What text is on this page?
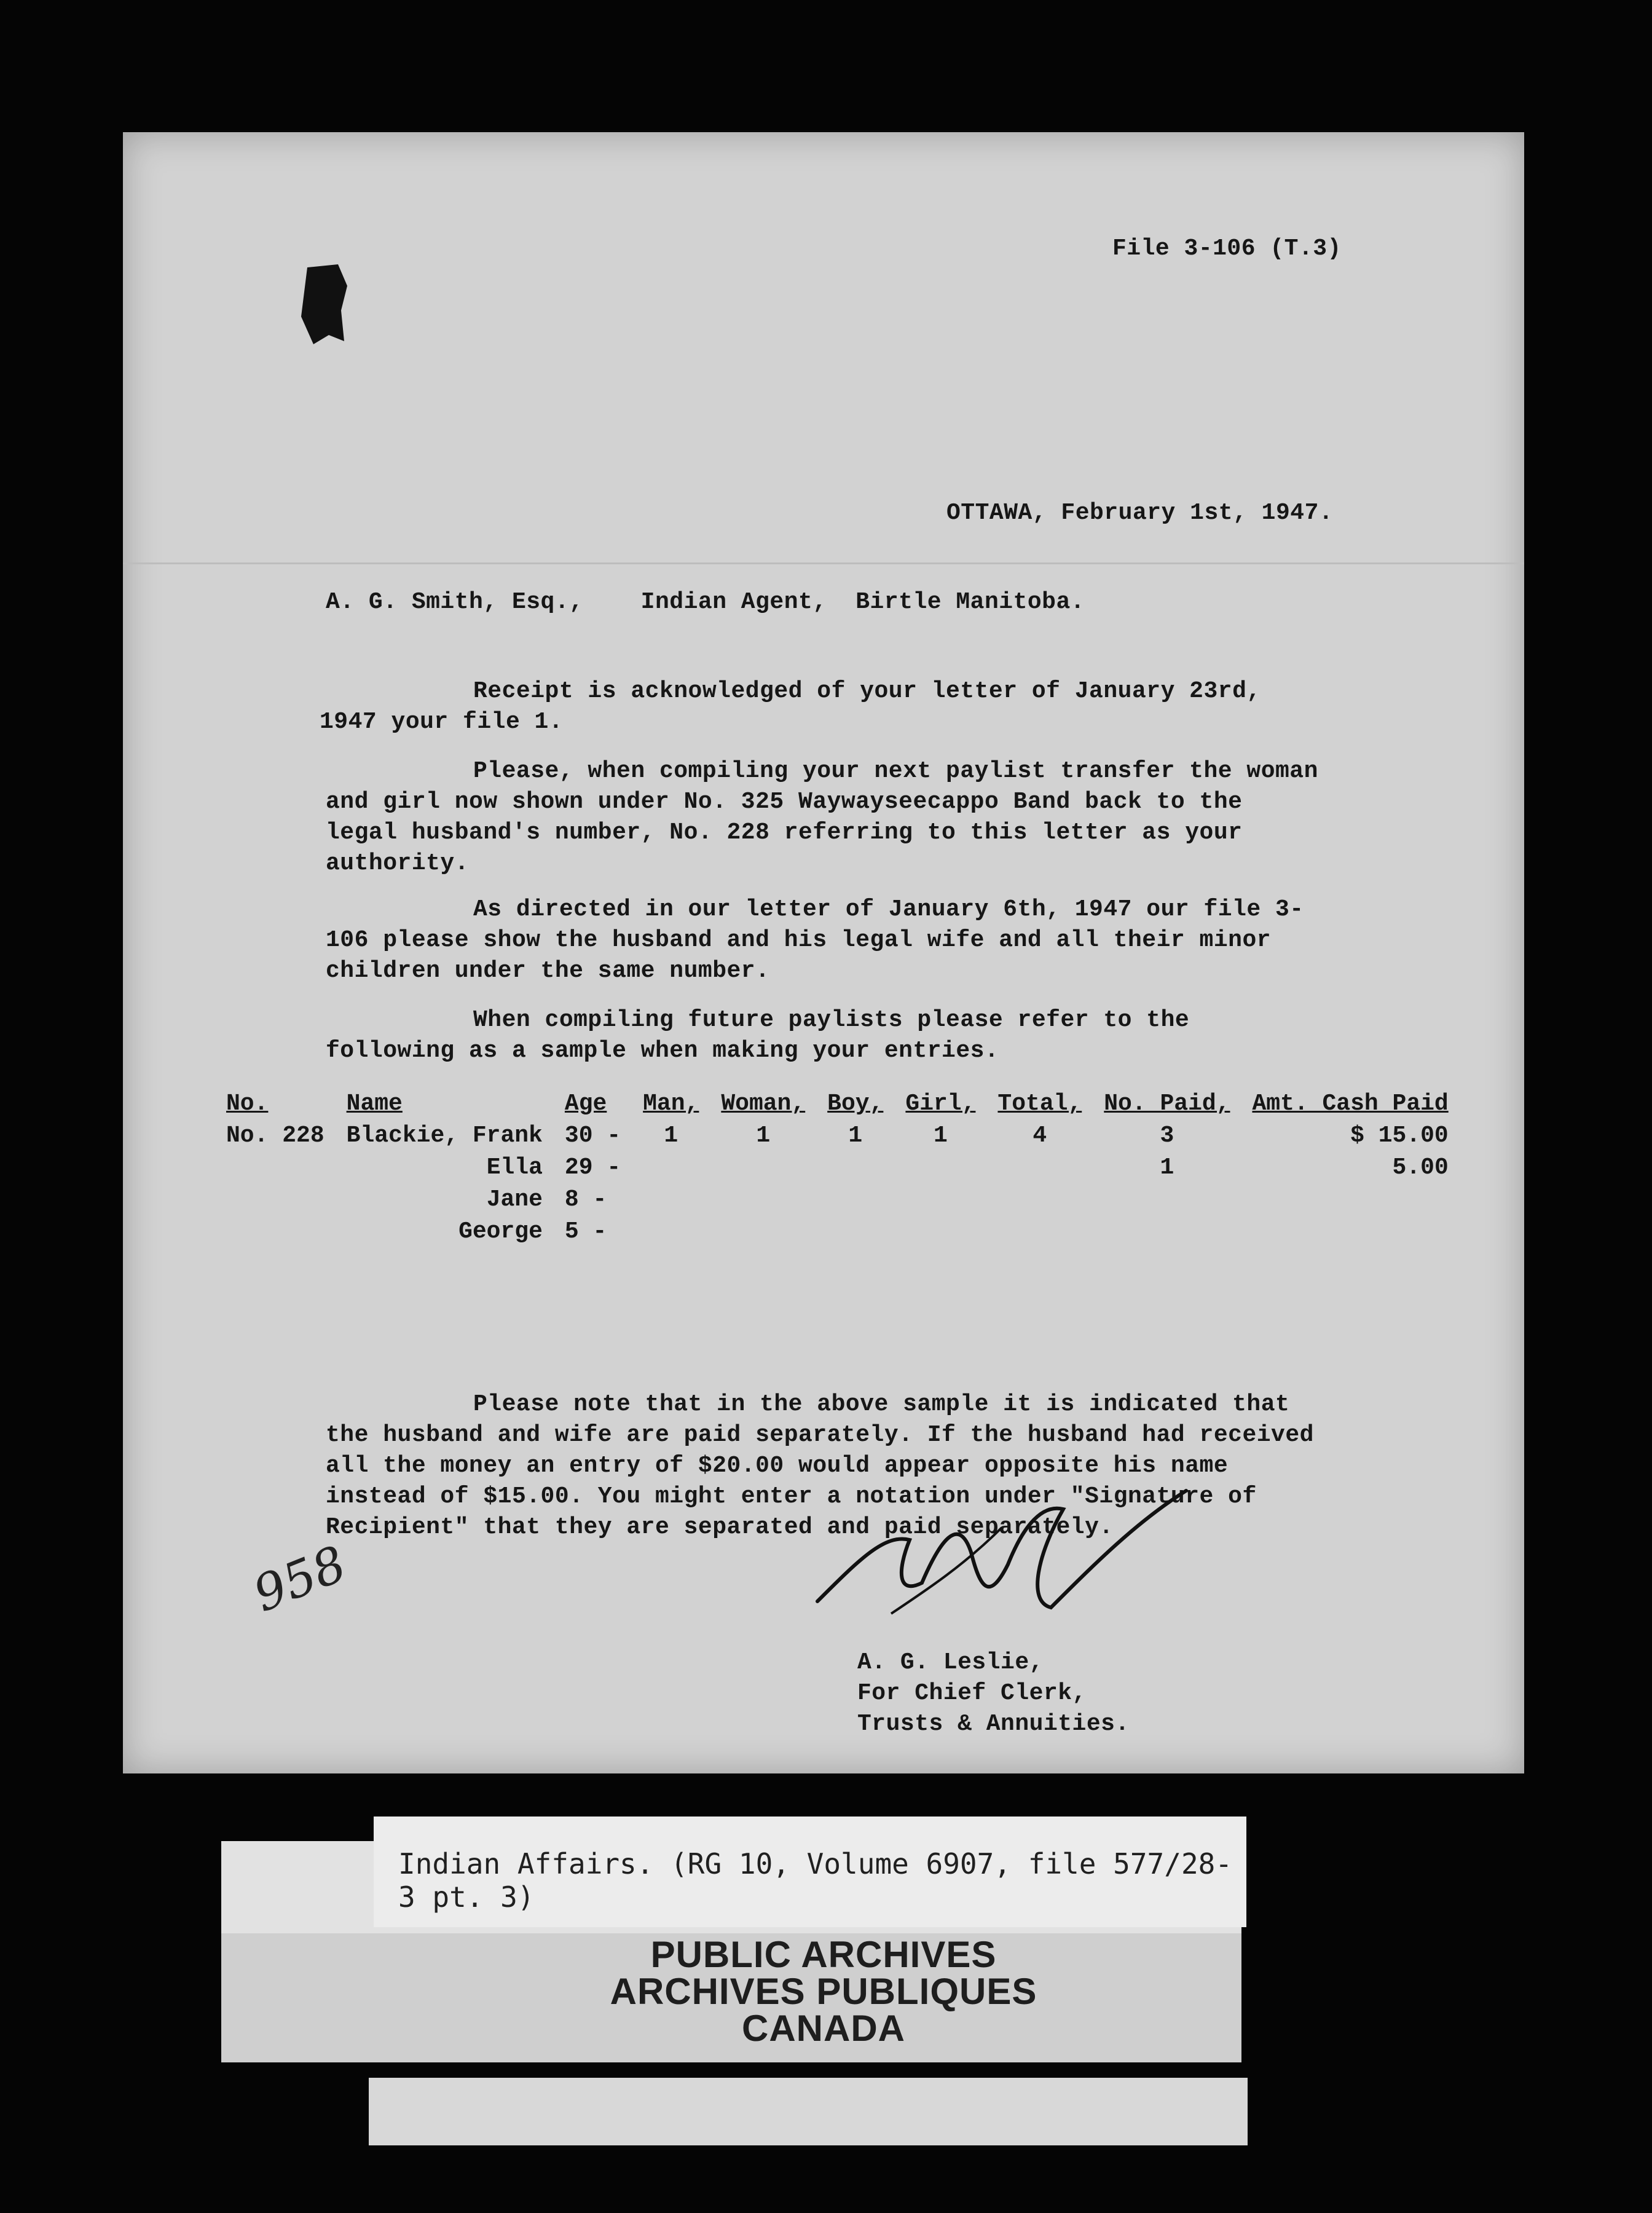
File 3-106 (T.3)
OTTAWA, February 1st, 1947.
A. G. Smith, Esq.,    Indian Agent,  Birtle Manitoba.
Receipt is acknowledged of your letter of January 23rd,
1947 your file 1.
Please, when compiling your next paylist transfer the woman and girl now shown under No. 325 Waywayseecappo Band back to the legal husband's number, No. 228 referring to this letter as your authority.
As directed in our letter of January 6th, 1947 our file 3-106 please show the husband and his legal wife and all their minor children under the same number.
When compiling future paylists please refer to the following as a sample when making your entries.
No.	Name	Age	Man,	Woman,	Boy,	Girl,	Total,	No. Paid,	Amt. Cash Paid
No. 228	Blackie, Frank	30 -	1	1	1	1	4	3	$ 15.00
	Ella	29 -						1	5.00
	Jane	8 -							
	George	5 -							
Please note that in the above sample it is indicated that the husband and wife are paid separately. If the husband had received all the money an entry of $20.00 would appear opposite his name instead of $15.00. You might enter a notation under "Signature of Recipient" that they are separated and paid separately.
958
A. G. Leslie,
For Chief Clerk,
Trusts & Annuities.
Indian Affairs. (RG 10, Volume 6907, file 577/28-3 pt. 3)
PUBLIC ARCHIVES
ARCHIVES PUBLIQUES
CANADA
